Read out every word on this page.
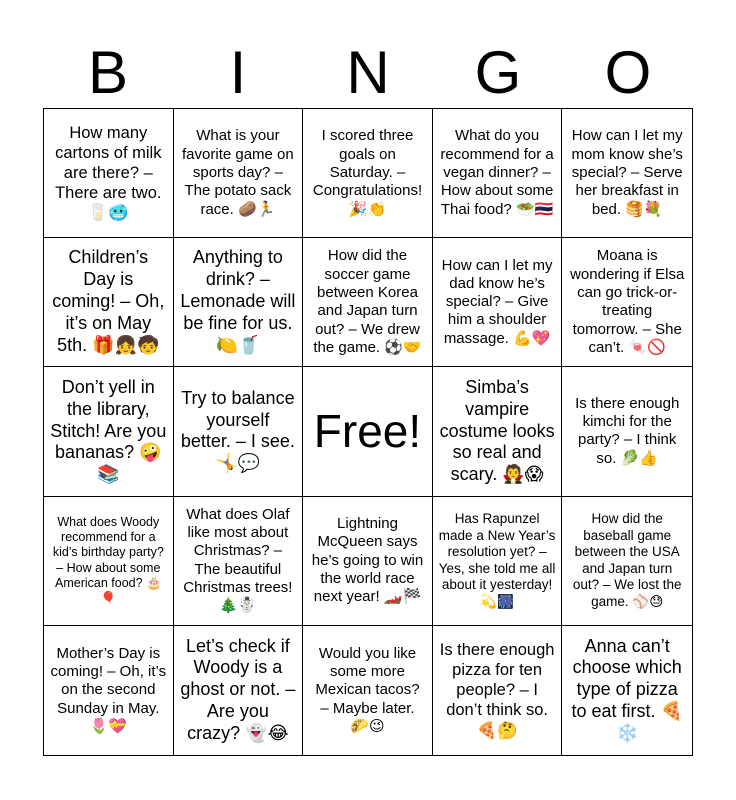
B	I	N	G	O
How many cartons of milk are there? – There are two. 🥛🥶
What is your favorite game on sports day? – The potato sack race. 🥔🏃
I scored three goals on Saturday. – Congratulations! 🎉👏
What do you recommend for a vegan dinner? – How about some Thai food? 🥗🇹🇭
How can I let my mom know she’s special? – Serve her breakfast in bed. 🥞💐
Children’s Day is coming! – Oh, it’s on May 5th. 🎁👧🧒
Anything to drink? – Lemonade will be fine for us. 🍋🥤
How did the soccer game between Korea and Japan turn out? – We drew the game. ⚽🤝
How can I let my dad know he’s special? – Give him a shoulder massage. 💪💖
Moana is wondering if Elsa can go trick-or-treating tomorrow. – She can’t. 🍬🚫
Don’t yell in the library, Stitch! Are you bananas? 🤪📚
Try to balance yourself better. – I see. 🤸💬
Free!
Simba’s vampire costume looks so real and scary. 🧛😱
Is there enough kimchi for the party? – I think so. 🥬👍
What does Woody recommend for a kid’s birthday party? – How about some American food? 🎂🎈
What does Olaf like most about Christmas? – The beautiful Christmas trees! 🎄☃️
Lightning McQueen says he’s going to win the world race next year! 🏎️🏁
Has Rapunzel made a New Year’s resolution yet? – Yes, she told me all about it yesterday! 💫🎆
How did the baseball game between the USA and Japan turn out? – We lost the game. ⚾😓
Mother’s Day is coming! – Oh, it’s on the second Sunday in May. 🌷💝
Let’s check if Woody is a ghost or not. – Are you crazy? 👻😂
Would you like some more Mexican tacos? – Maybe later. 🌮😉
Is there enough pizza for ten people? – I don’t think so. 🍕🤔
Anna can’t choose which type of pizza to eat first. 🍕❄️
